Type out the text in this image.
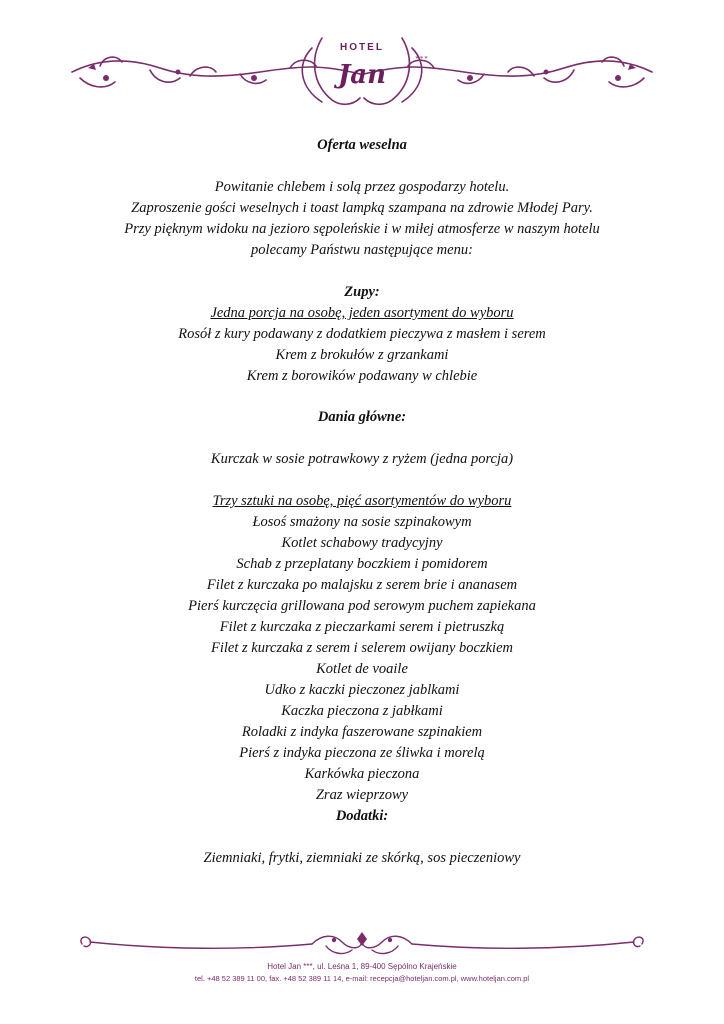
***
HOTEL
Jan
Oferta weselna
Powitanie chlebem i solą przez gospodarzy hotelu.
Zaproszenie gości weselnych i toast lampką szampana na zdrowie Młodej Pary.
Przy pięknym widoku na jezioro sępoleńskie i w miłej atmosferze w naszym hotelu
polecamy Państwu następujące menu:
Zupy:
Jedna porcja na osobę, jeden asortyment do wyboru
Rosół z kury podawany z dodatkiem pieczywa z masłem i serem
Krem z brokułów z grzankami
Krem z borowików podawany w chlebie
Dania główne:
Kurczak w sosie potrawkowy z ryżem (jedna porcja)
Trzy sztuki na osobę, pięć asortymentów do wyboru
Łosoś smażony na sosie szpinakowym
Kotlet schabowy tradycyjny
Schab z przeplatany boczkiem i pomidorem
Filet z kurczaka po malajsku z serem brie i ananasem
Pierś kurczęcia grillowana pod serowym puchem zapiekana
Filet z kurczaka z pieczarkami serem i pietruszką
Filet z kurczaka z serem i selerem owijany boczkiem
Kotlet de voaile
Udko z kaczki pieczonez jablkami
Kaczka pieczona z jabłkami
Roladki z indyka faszerowane szpinakiem
Pierś z indyka pieczona ze śliwka i morelą
Karkówka pieczona
Zraz wieprzowy
Dodatki:
Ziemniaki, frytki, ziemniaki ze skórką, sos pieczeniowy
Hotel Jan ***, ul. Leśna 1, 89-400 Sępólno Krajeńskie
tel. +48 52 389 11 00, fax. +48 52 389 11 14, e-mail: recepcja@hoteljan.com.pl, www.hoteljan.com.pl
